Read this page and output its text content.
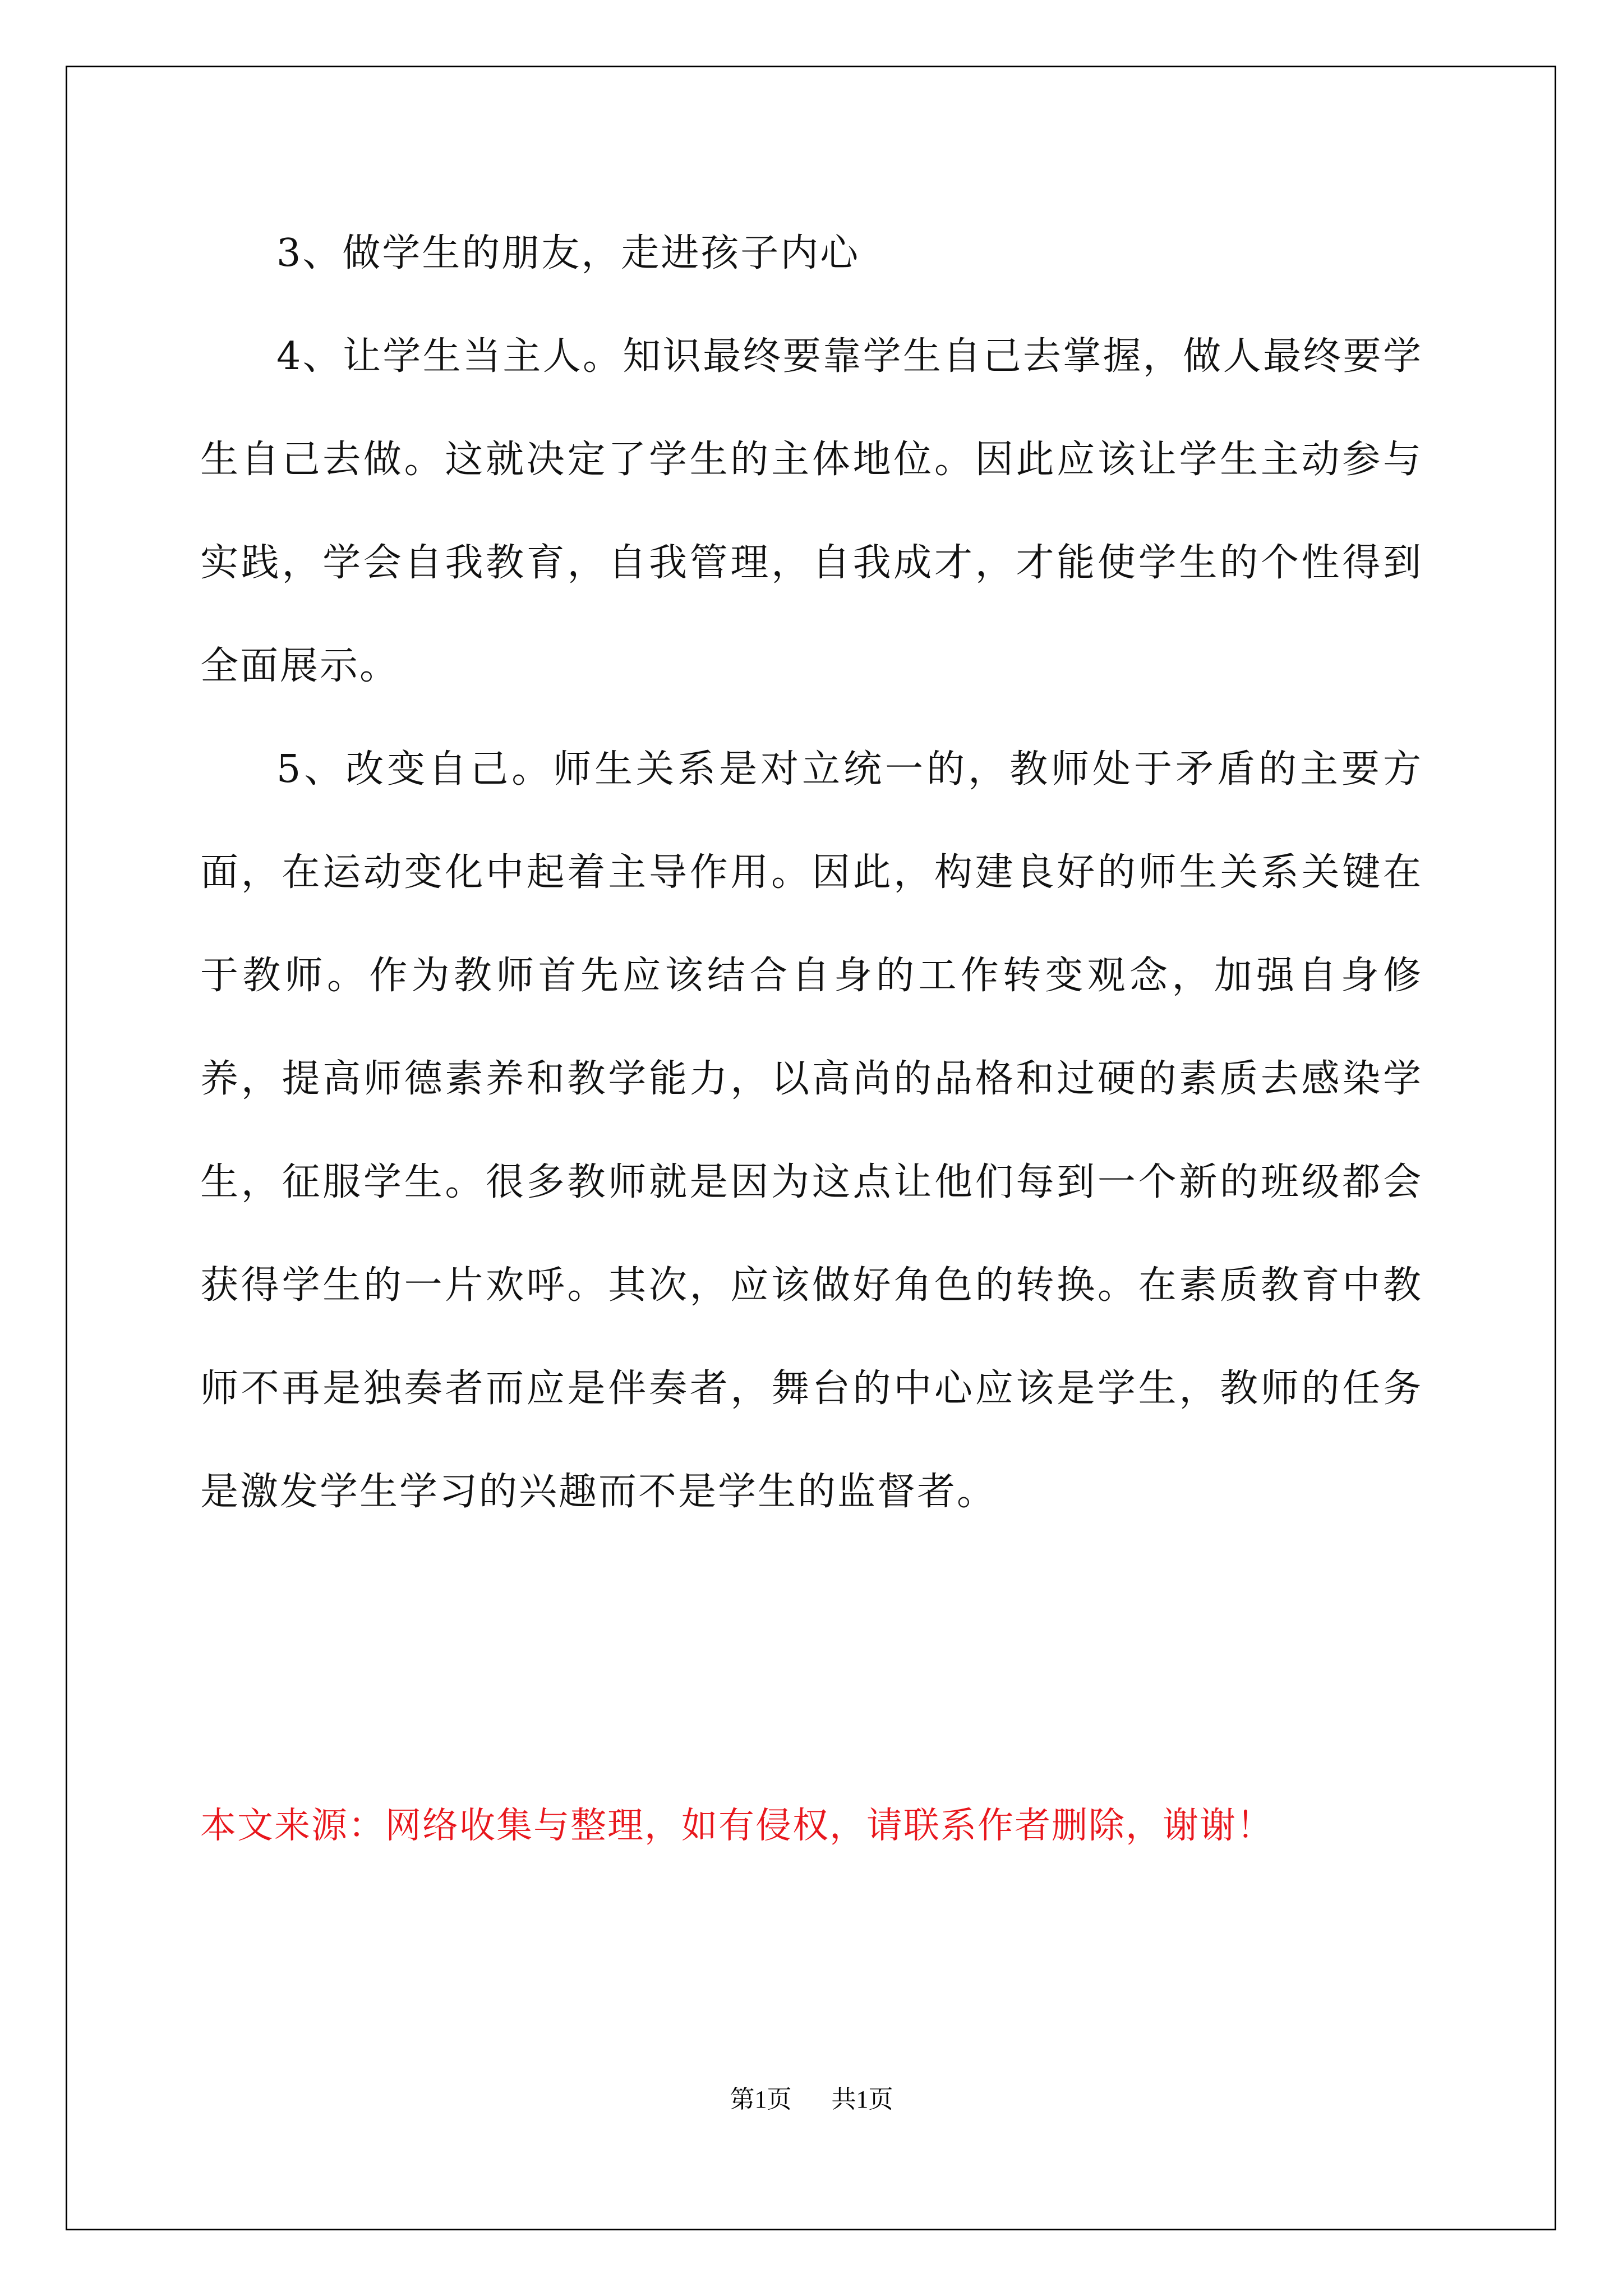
3、做学生的朋友，走进孩子内心

4、让学生当主人。知识最终要靠学生自己去掌握，做人最终要学生自己去做。这就决定了学生的主体地位。因此应该让学生主动参与实践，学会自我教育，自我管理，自我成才，才能使学生的个性得到全面展示。

5、改变自己。师生关系是对立统一的，教师处于矛盾的主要方面，在运动变化中起着主导作用。因此，构建良好的师生关系关键在于教师。作为教师首先应该结合自身的工作转变观念，加强自身修养，提高师德素养和教学能力，以高尚的品格和过硬的素质去感染学生，征服学生。很多教师就是因为这点让他们每到一个新的班级都会获得学生的一片欢呼。其次，应该做好角色的转换。在素质教育中教师不再是独奏者而应是伴奏者，舞台的中心应该是学生，教师的任务是激发学生学习的兴趣而不是学生的监督者。

本文来源：网络收集与整理，如有侵权，请联系作者删除，谢谢！
第1页 共1页
